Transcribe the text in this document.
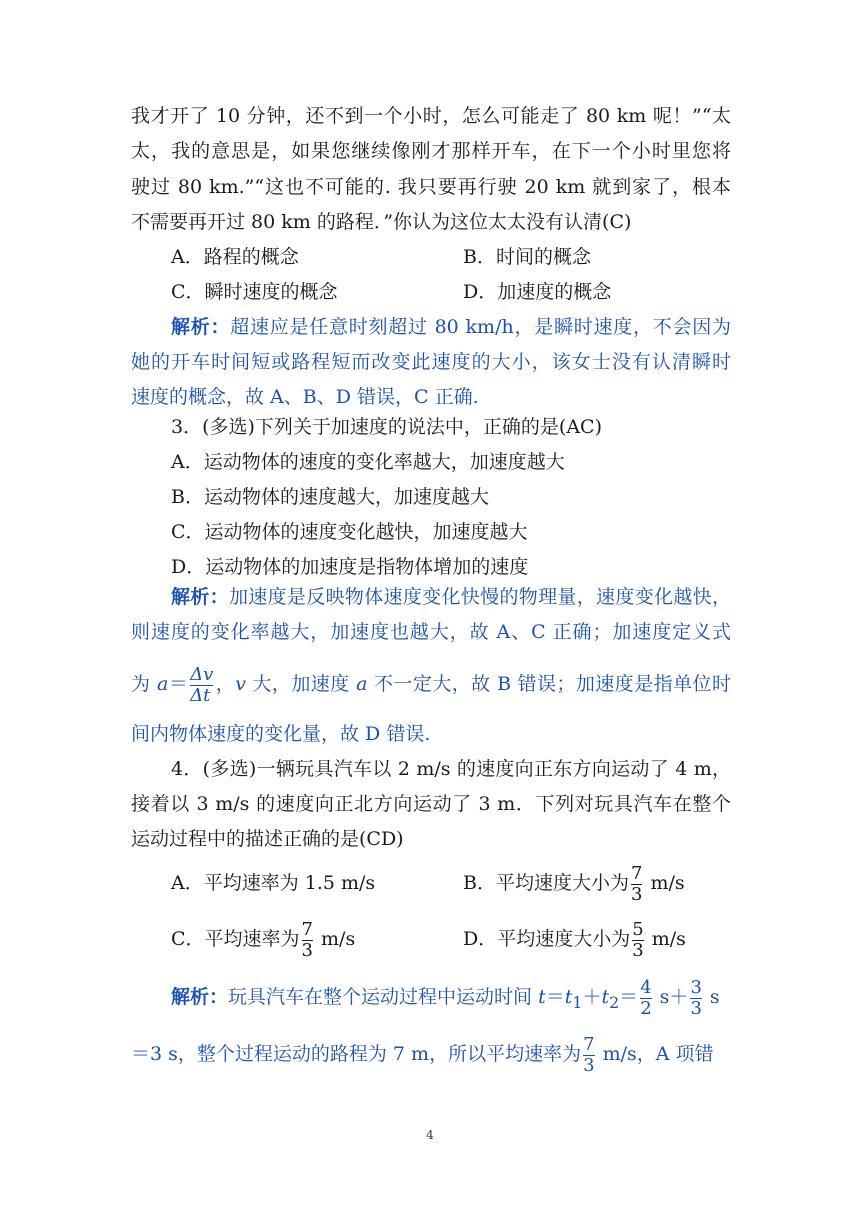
我才开了 10 分钟，还不到一个小时，怎么可能走了 80 km 呢！”“太
太，我的意思是，如果您继续像刚才那样开车，在下一个小时里您将
驶过 80 km.”“这也不可能的. 我只要再行驶 20 km 就到家了，根本
不需要再开过 80 km 的路程．”你认为这位太太没有认清(C)
A．路程的概念	B．时间的概念
C．瞬时速度的概念	D．加速度的概念
解析：超速应是任意时刻超过 80 km/h，是瞬时速度，不会因为
她的开车时间短或路程短而改变此速度的大小，该女士没有认清瞬时
速度的概念，故 A、B、D 错误，C 正确.
3．(多选)下列关于加速度的说法中，正确的是(AC)
A．运动物体的速度的变化率越大，加速度越大
B．运动物体的速度越大，加速度越大
C．运动物体的速度变化越快，加速度越大
D．运动物体的加速度是指物体增加的速度
解析：加速度是反映物体速度变化快慢的物理量，速度变化越快，
则速度的变化率越大，加速度也越大，故 A、C 正确；加速度定义式
为 $a= \frac{\Delta v}{\Delta t}$ ，v 大，加速度 a 不一定大，故 B 错误；加速度是指单位时
间内物体速度的变化量，故 D 错误.
4．(多选)一辆玩具汽车以 2 m/s 的速度向正东方向运动了 4 m，
接着以 3 m/s 的速度向正北方向运动了 3 m．下列对玩具汽车在整个
运动过程中的描述正确的是(CD)
A．平均速率为 1.5 m/s	B．平均速度大小为 $\frac{7}{3} m/s$
C．平均速率为 $\frac{7}{3} m/s$	D．平均速度大小为 $\frac{5}{3} m/s$
解析：玩具汽车在整个运动过程中运动时间 $t=t_1+t_2= \frac{4}{2} s+ \frac{3}{3}$ s
＝3 s，整个过程运动的路程为 7 m，所以平均速率为 $\frac{7}{3} m/s$，A 项错
4
